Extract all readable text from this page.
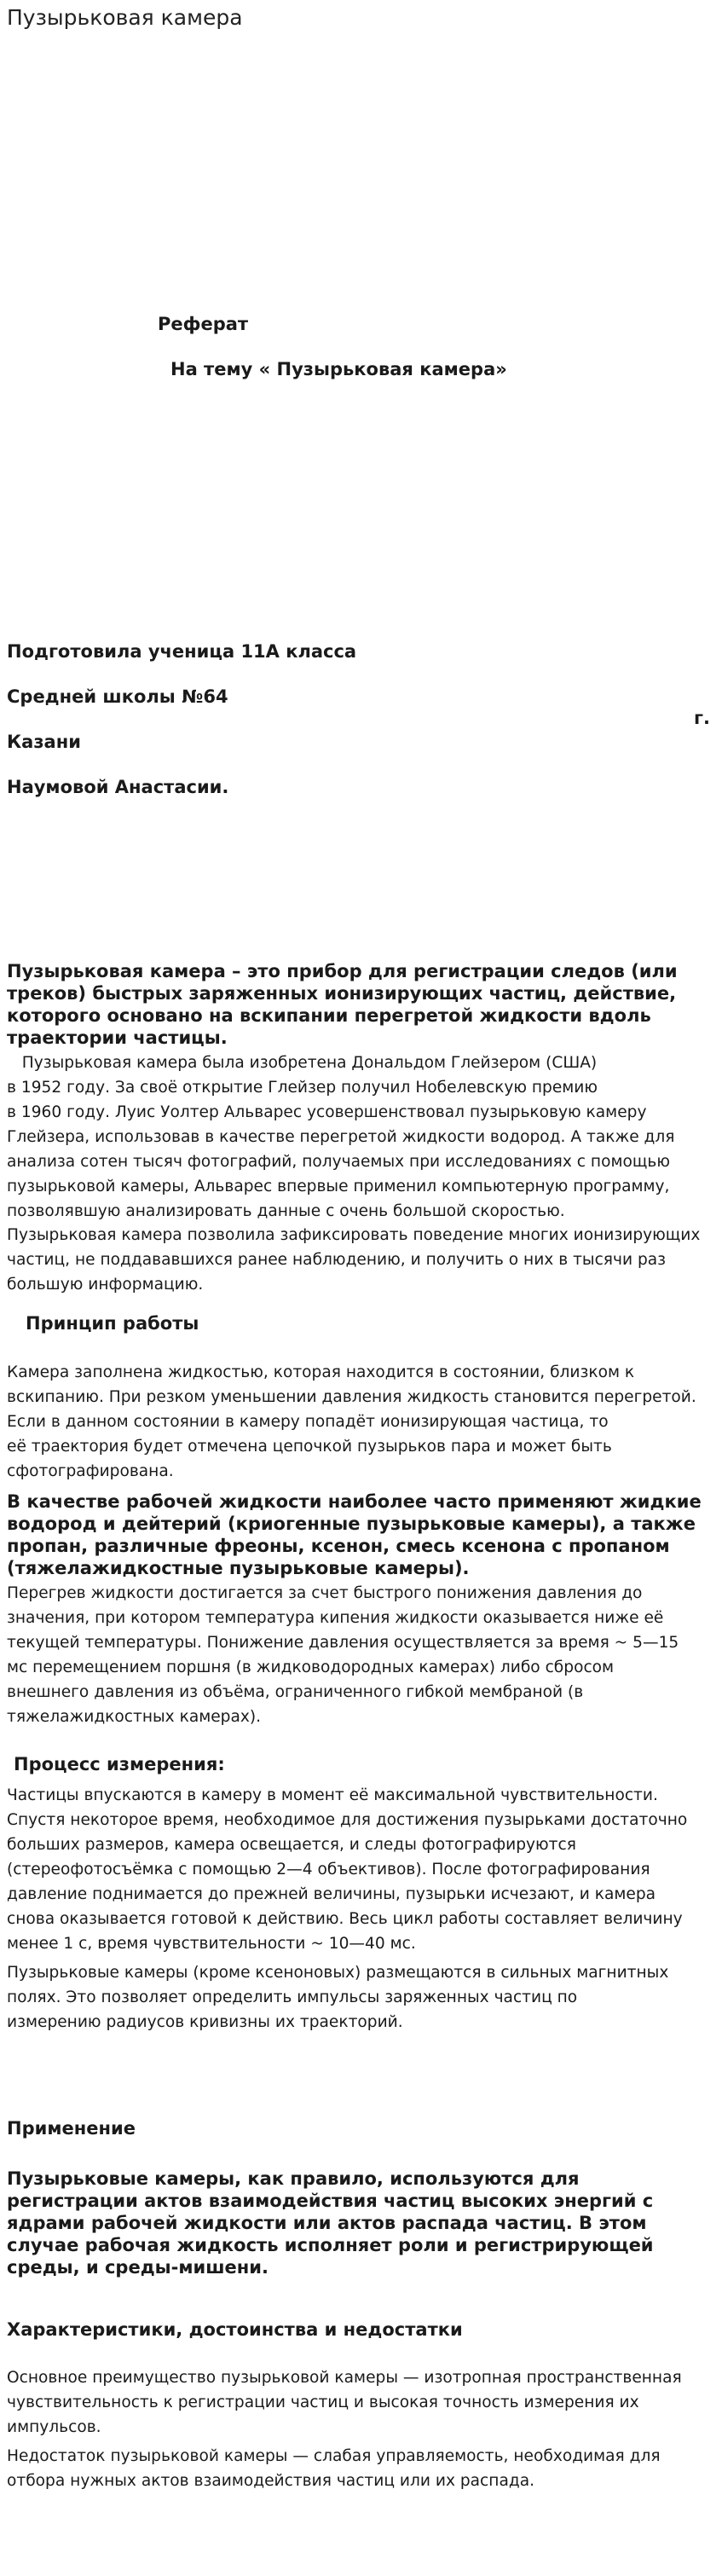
Пузырьковая камера
Реферат
На тему « Пузырьковая камера»
Подготовила ученица 11А класса
Средней школы №64
Казани
г.
Наумовой Анастасии.

Пузырьковая камера – это прибор для регистрации следов (или треков) быстрых заряженных ионизирующих частиц, действие, которого основано на вскипании перегретой жидкости вдоль траектории частицы.

Пузырьковая камера была изобретена Дональдом Глейзером (США)

в 1952 году. За своё открытие Глейзер получил Нобелевскую премию

в 1960 году. Луис Уолтер Альварес усовершенствовал пузырьковую камеру

Глейзера, использовав в качестве перегретой жидкости водород. А также для

анализа сотен тысяч фотографий, получаемых при исследованиях с помощью

пузырьковой камеры, Альварес впервые применил компьютерную программу,

позволявшую анализировать данные с очень большой скоростью.

Пузырьковая камера позволила зафиксировать поведение многих ионизирующих

частиц, не поддававшихся ранее наблюдению, и получить о них в тысячи раз

большую информацию.

Принцип работы

Камера заполнена жидкостью, которая находится в состоянии, близком к

вскипанию. При резком уменьшении давления жидкость становится перегретой.

Если в данном состоянии в камеру попадёт ионизирующая частица, то

её траектория будет отмечена цепочкой пузырьков пара и может быть

сфотографирована.

В качестве рабочей жидкости наиболее часто применяют жидкие водород и дейтерий (криогенные пузырьковые камеры), а также пропан, различные фреоны, ксенон, смесь ксенона с пропаном (тяжелажидкостные пузырьковые камеры).

Перегрев жидкости достигается за счет быстрого понижения давления до

значения, при котором температура кипения жидкости оказывается ниже её

текущей температуры. Понижение давления осуществляется за время ~ 5—15

мс перемещением поршня (в жидководородных камерах) либо сбросом

внешнего давления из объёма, ограниченного гибкой мембраной (в

тяжелажидкостных камерах).

Процесс измерения:

Частицы впускаются в камеру в момент её максимальной чувствительности.

Спустя некоторое время, необходимое для достижения пузырьками достаточно

больших размеров, камера освещается, и следы фотографируются

(стереофотосъёмка с помощью 2—4 объективов). После фотографирования

давление поднимается до прежней величины, пузырьки исчезают, и камера

снова оказывается готовой к действию. Весь цикл работы составляет величину

менее 1 с, время чувствительности ~ 10—40 мс.

Пузырьковые камеры (кроме ксеноновых) размещаются в сильных магнитных

полях. Это позволяет определить импульсы заряженных частиц по

измерению радиусов кривизны их траекторий.

Применение

Пузырьковые камеры, как правило, используются для регистрации актов взаимодействия частиц высоких энергий с ядрами рабочей жидкости или актов распада частиц. В этом случае рабочая жидкость исполняет роли и регистрирующей среды, и среды-мишени.

Характеристики, достоинства и недостатки

Основное преимущество пузырьковой камеры — изотропная пространственная

чувствительность к регистрации частиц и высокая точность измерения их

импульсов.

Недостаток пузырьковой камеры — слабая управляемость, необходимая для

отбора нужных актов взаимодействия частиц или их распада.
